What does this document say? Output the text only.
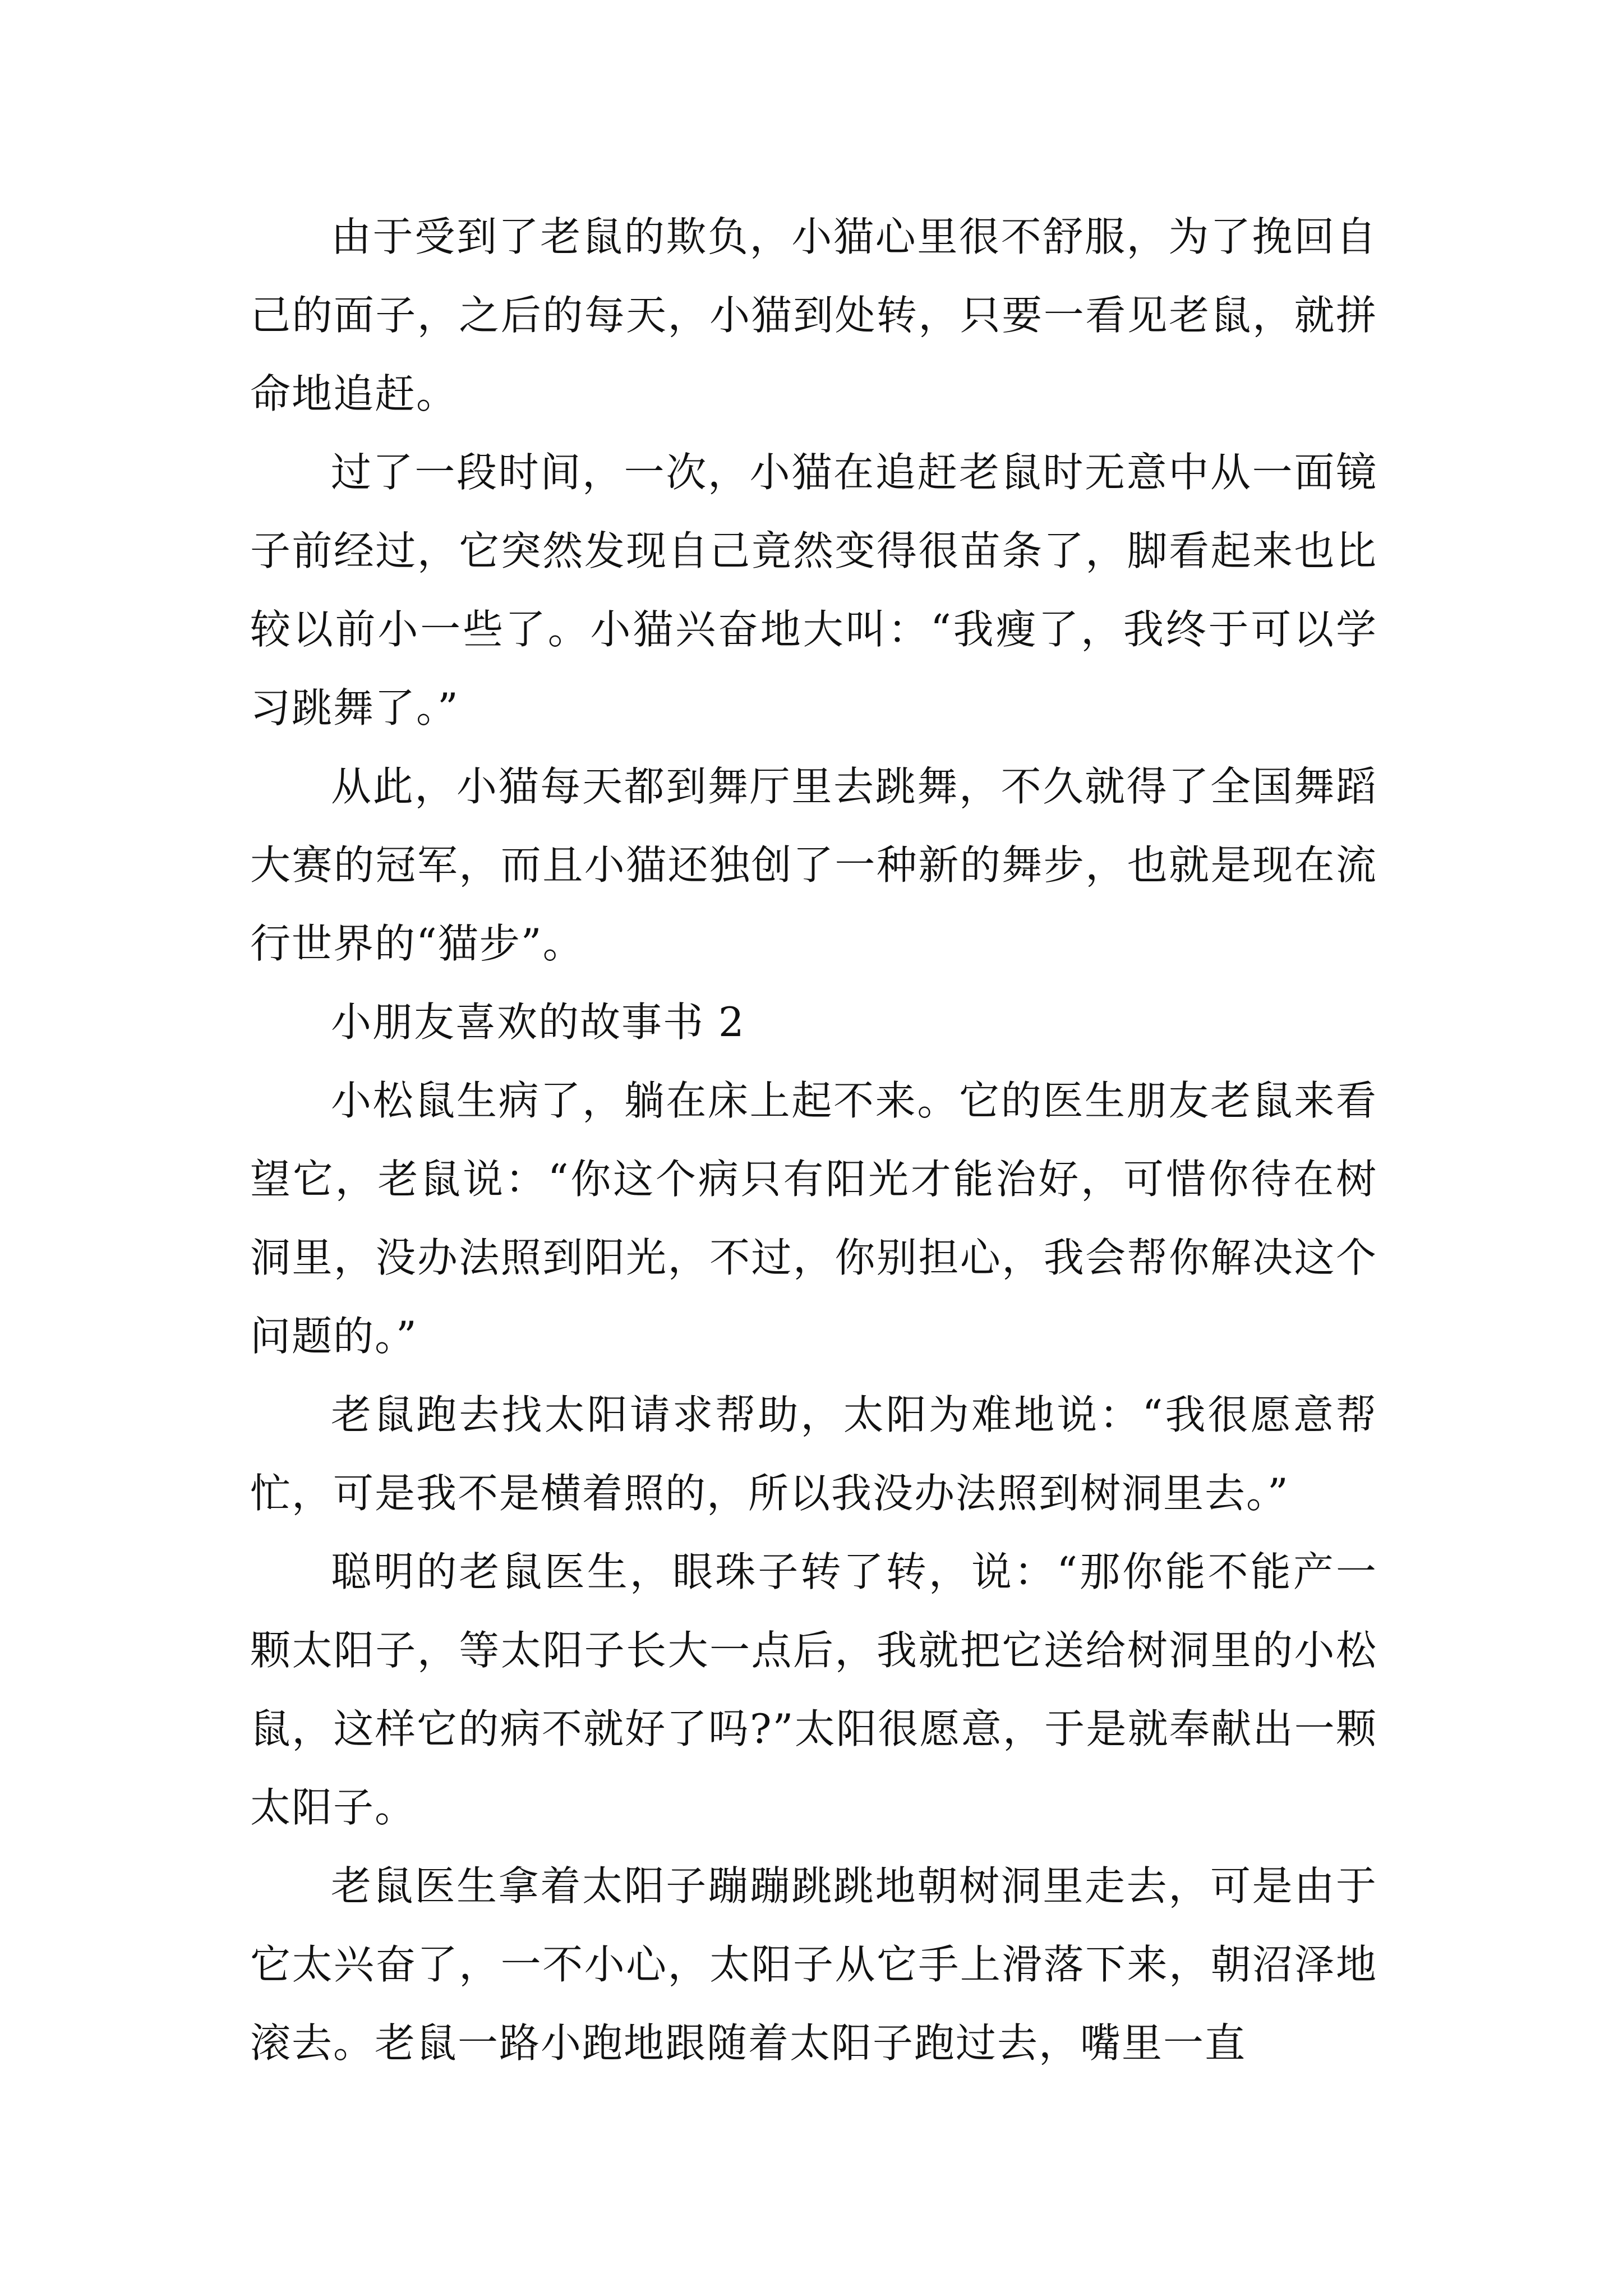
由于受到了老鼠的欺负，小猫心里很不舒服，为了挽回自己的面子，之后的每天，小猫到处转，只要一看见老鼠，就拼命地追赶。

过了一段时间，一次，小猫在追赶老鼠时无意中从一面镜子前经过，它突然发现自己竟然变得很苗条了，脚看起来也比较以前小一些了。小猫兴奋地大叫：“我瘦了，我终于可以学习跳舞了。”

从此，小猫每天都到舞厅里去跳舞，不久就得了全国舞蹈大赛的冠军，而且小猫还独创了一种新的舞步，也就是现在流行世界的“猫步”。

小朋友喜欢的故事书 2

小松鼠生病了，躺在床上起不来。它的医生朋友老鼠来看望它，老鼠说：“你这个病只有阳光才能治好，可惜你待在树洞里，没办法照到阳光，不过，你别担心，我会帮你解决这个问题的。”

老鼠跑去找太阳请求帮助，太阳为难地说：“我很愿意帮忙，可是我不是横着照的，所以我没办法照到树洞里去。”

聪明的老鼠医生，眼珠子转了转，说：“那你能不能产一颗太阳子，等太阳子长大一点后，我就把它送给树洞里的小松鼠，这样它的病不就好了吗?”太阳很愿意，于是就奉献出一颗太阳子。

老鼠医生拿着太阳子蹦蹦跳跳地朝树洞里走去，可是由于它太兴奋了，一不小心，太阳子从它手上滑落下来，朝沼泽地滚去。老鼠一路小跑地跟随着太阳子跑过去，嘴里一直
